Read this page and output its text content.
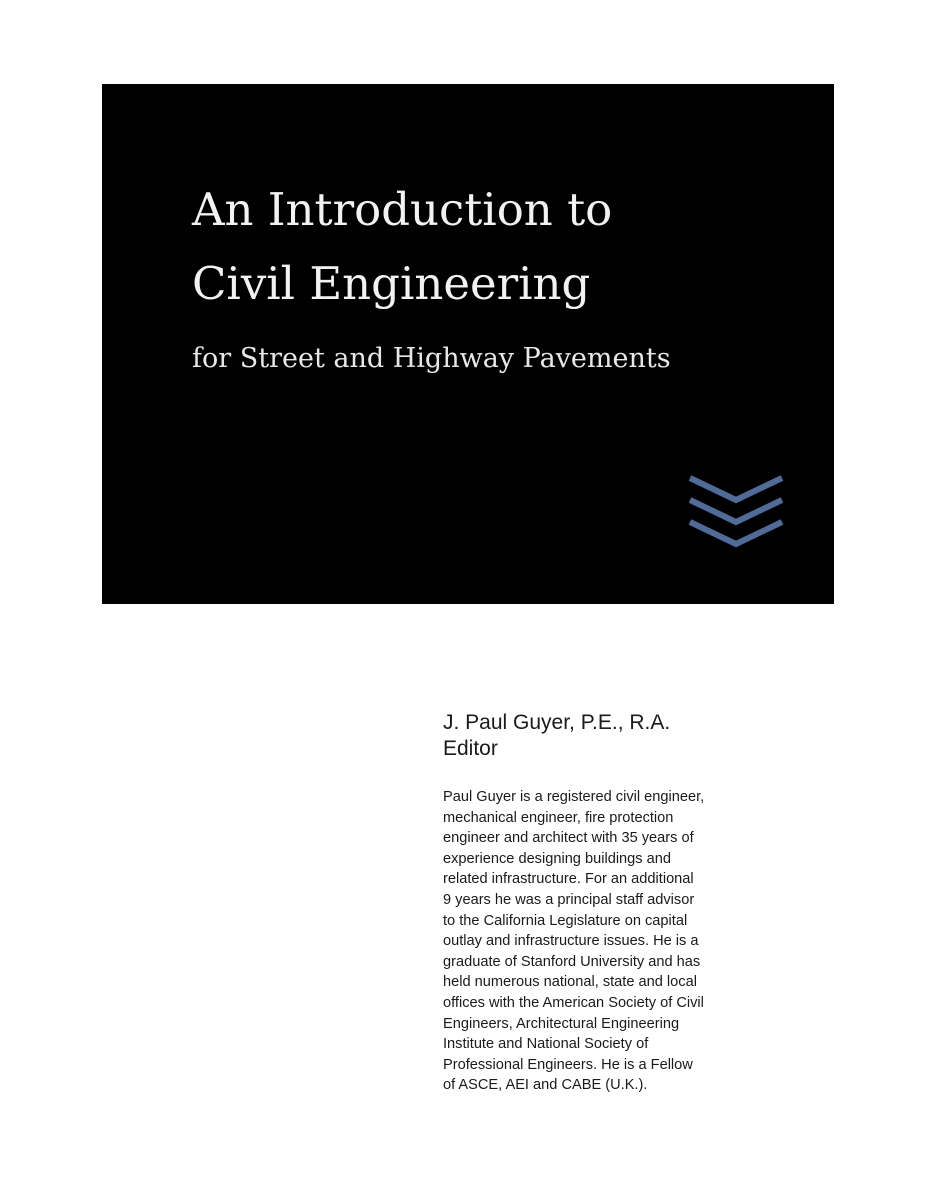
An Introduction to
Civil Engineering
for Street and Highway Pavements

J. Paul Guyer, P.E., R.A.

Editor

Paul Guyer is a registered civil engineer,
mechanical engineer, fire protection
engineer and architect with 35 years of
experience designing buildings and
related infrastructure. For an additional
9 years he was a principal staff advisor
to the California Legislature on capital
outlay and infrastructure issues. He is a
graduate of Stanford University and has
held numerous national, state and local
offices with the American Society of Civil
Engineers, Architectural Engineering
Institute and National Society of
Professional Engineers. He is a Fellow
of ASCE, AEI and CABE (U.K.).
